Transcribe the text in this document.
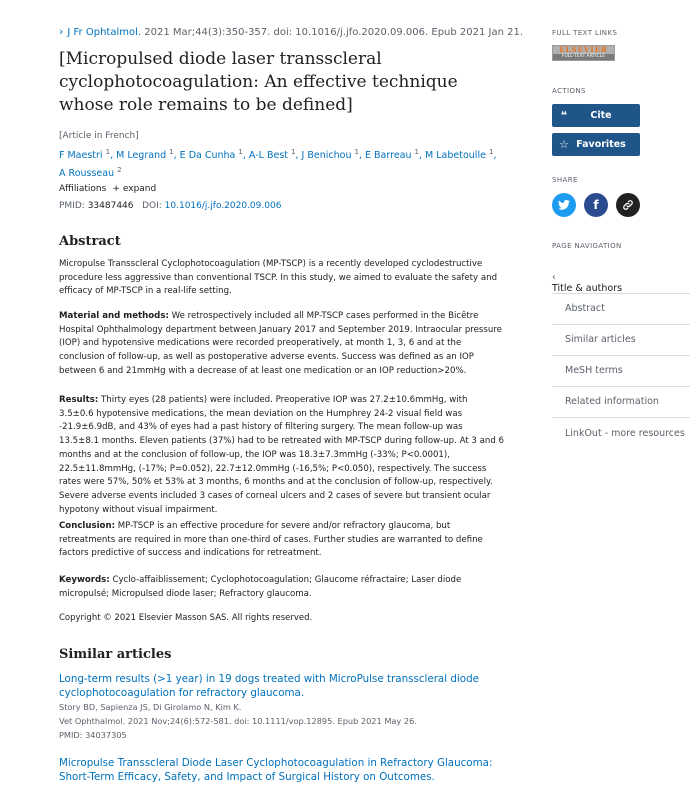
› J Fr Ophtalmol. 2021 Mar;44(3):350-357. doi: 10.1016/j.jfo.2020.09.006. Epub 2021 Jan 21.
[Micropulsed diode laser transscleral cyclophotocoagulation: An effective technique whose role remains to be defined]
[Article in French]
F Maestri $^1$, M Legrand $^1$, E Da Cunha $^1$, A-L Best $^1$, J Benichou $^1$, E Barreau $^1$, M Labetoulle $^1$, A Rousseau $^2$
Affiliations + expand
PMID: 33487446 DOI: 10.1016/j.jfo.2020.09.006
Abstract

Micropulse Transscleral Cyclophotocoagulation (MP-TSCP) is a recently developed cyclodestructive procedure less aggressive than conventional TSCP. In this study, we aimed to evaluate the safety and efficacy of MP-TSCP in a real-life setting.

Material and methods: We retrospectively included all MP-TSCP cases performed in the Bicêtre Hospital Ophthalmology department between January 2017 and September 2019. Intraocular pressure (IOP) and hypotensive medications were recorded preoperatively, at month 1, 3, 6 and at the conclusion of follow-up, as well as postoperative adverse events. Success was defined as an IOP between 6 and 21mmHg with a decrease of at least one medication or an IOP reduction>20%.

Results: Thirty eyes (28 patients) were included. Preoperative IOP was 27.2±10.6mmHg, with 3.5±0.6 hypotensive medications, the mean deviation on the Humphrey 24-2 visual field was -21.9±6.9dB, and 43% of eyes had a past history of filtering surgery. The mean follow-up was 13.5±8.1 months. Eleven patients (37%) had to be retreated with MP-TSCP during follow-up. At 3 and 6 months and at the conclusion of follow-up, the IOP was 18.3±7.3mmHg (-33%; P<0.0001), 22.5±11.8mmHg, (-17%; P=0.052), 22.7±12.0mmHg (-16,5%; P<0.050), respectively. The success rates were 57%, 50% et 53% at 3 months, 6 months and at the conclusion of follow-up, respectively. Severe adverse events included 3 cases of corneal ulcers and 2 cases of severe but transient ocular hypotony without visual impairment.

Conclusion: MP-TSCP is an effective procedure for severe and/or refractory glaucoma, but retreatments are required in more than one-third of cases. Further studies are warranted to define factors predictive of success and indications for retreatment.

Keywords: Cyclo-affaiblissement; Cyclophotocoagulation; Glaucome réfractaire; Laser diode micropulsé; Micropulsed diode laser; Refractory glaucoma.

Copyright © 2021 Elsevier Masson SAS. All rights reserved.
Similar articles
Long-term results (>1 year) in 19 dogs treated with MicroPulse transscleral diode cyclophotocoagulation for refractory glaucoma.
Story BD, Sapienza JS, Di Girolamo N, Kim K.
Vet Ophthalmol. 2021 Nov;24(6):572-581. doi: 10.1111/vop.12895. Epub 2021 May 26.
PMID: 34037305
Micropulse Transscleral Diode Laser Cyclophotocoagulation in Refractory Glaucoma: Short-Term Efficacy, Safety, and Impact of Surgical History on Outcomes.
FULL TEXT LINKS
ELSEVIER
FULL-TEXT ARTICLE
ACTIONS
❝	Cite
☆ Favorites
SHARE
f
PAGE NAVIGATION
‹
Title & authors
Abstract
Similar articles
MeSH terms
Related information
LinkOut - more resources
